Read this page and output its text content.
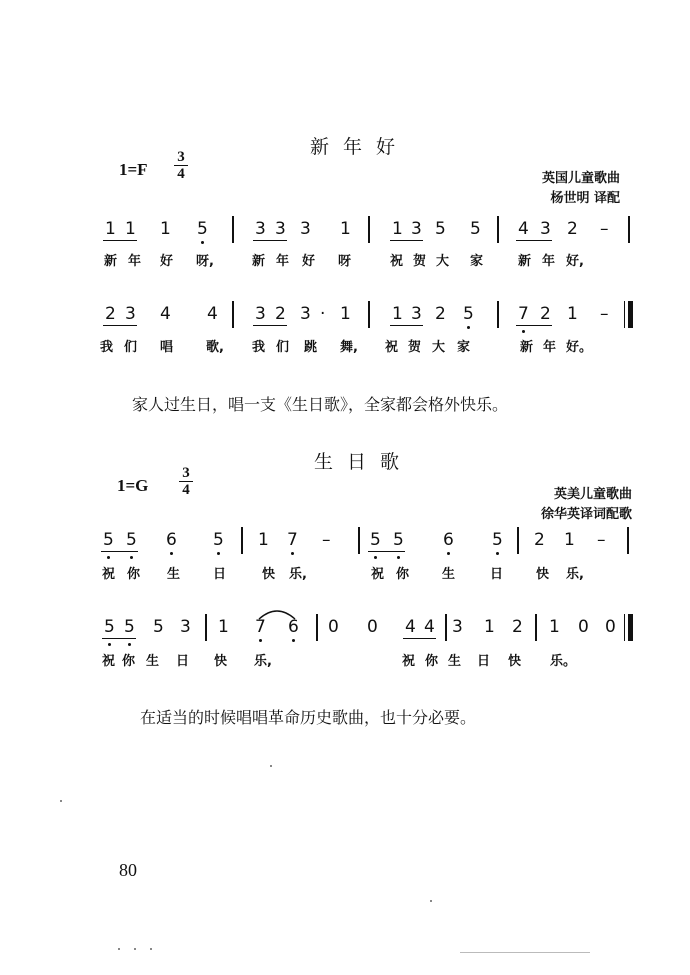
新年好
1=F
3
4	英国儿童歌曲
杨世明 译配
1 1 1 5	3 3 3 1 1 3 5 5 4 3 2 –
新 年 好 呀,	新 年 好 呀	祝 贺 大 家	新 年 好,
2 3 4 4 3 2 3 · 1 1 3 2 5	7 2 1 –
我 们 唱	歌, 我 们 跳 舞, 祝 贺 大 家	新 年 好。
家人过生日，唱一支《生日歌》，全家都会格外快乐。
生日歌
1=G
3
4	英美儿童歌曲
徐华英译词配歌
5 5 6 5 1 7 – 5 5 6 5 2 1 –
祝 你 生	日	快 乐,	祝 你	生	日	快 乐,
5 5 5 3 1 7 6 0 0 4 4 3 1 2 1 0 0
祝 你 生 日 快 乐,	祝 你 生 日 快 乐。
在适当的时候唱唱革命历史歌曲，也十分必要。
80
